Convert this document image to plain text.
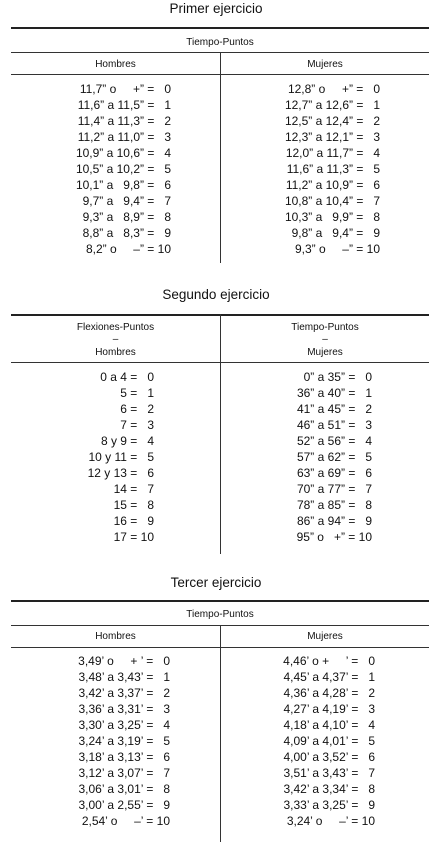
Primer ejercicio
Tiempo-Puntos
Hombres	Mujeres
11,7” o     +” =   0
11,6” a 11,5” =   1
11,4” a 11,3” =   2
11,2” a 11,0” =   3
10,9” a 10,6” =   4
10,5” a 10,2” =   5
10,1” a   9,8” =   6
9,7” a   9,4” =   7
9,3” a   8,9” =   8
8,8” a   8,3” =   9
8,2” o     –” = 10
12,8” o     +” =   0
12,7” a 12,6” =   1
12,5” a 12,4” =   2
12,3” a 12,1” =   3
12,0” a 11,7” =   4
11,6” a 11,3” =   5
11,2” a 10,9” =   6
10,8” a 10,4” =   7
10,3” a   9,9” =   8
9,8” a   9,4” =   9
9,3” o     –” = 10
Segundo ejercicio
Flexiones-Puntos
–
Hombres
Tiempo-Puntos
–
Mujeres
0 a 4 =   0
5 =   1
6 =   2
7 =   3
8 y 9 =   4
10 y 11 =   5
12 y 13 =   6
14 =   7
15 =   8
16 =   9
17 = 10
0” a 35” =   0
36” a 40” =   1
41” a 45” =   2
46” a 51” =   3
52” a 56” =   4
57” a 62” =   5
63” a 69” =   6
70” a 77” =   7
78” a 85” =   8
86” a 94” =   9
95” o   +” = 10
Tercer ejercicio
Tiempo-Puntos
Hombres	Mujeres
3,49’ o     + ’ =   0
3,48’ a 3,43’ =   1
3,42’ a 3,37’ =   2
3,36’ a 3,31’ =   3
3,30’ a 3,25’ =   4
3,24’ a 3,19’ =   5
3,18’ a 3,13’ =   6
3,12’ a 3,07’ =   7
3,06’ a 3,01’ =   8
3,00’ a 2,55’ =   9
2,54’ o     –’ = 10
4,46’ o +     ’ =   0
4,45’ a 4,37’ =   1
4,36’ a 4,28’ =   2
4,27’ a 4,19’ =   3
4,18’ a 4,10’ =   4
4,09’ a 4,01’ =   5
4,00’ a 3,52’ =   6
3,51’ a 3,43’ =   7
3,42’ a 3,34’ =   8
3,33’ a 3,25’ =   9
3,24’ o     –’ = 10
